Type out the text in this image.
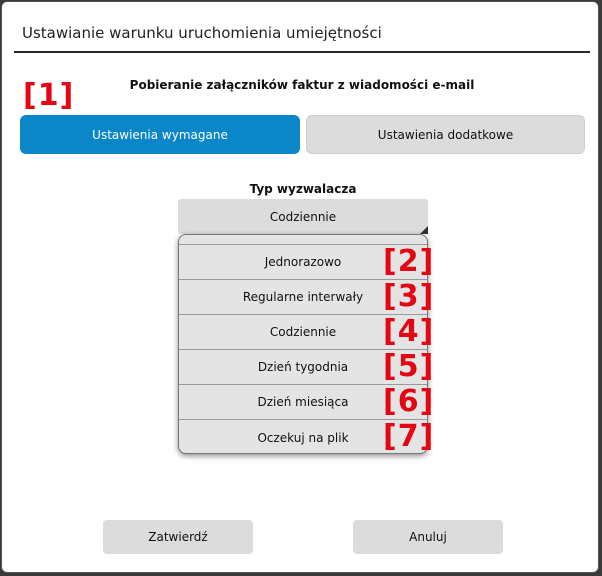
Ustawianie warunku uruchomienia umiejętności
Pobieranie załączników faktur z wiadomości e-mail
[1]
Ustawienia wymagane	Ustawienia dodatkowe
Typ wyzwalacza
Codziennie
Jednorazowo [2]
Regularne interwały [3]
Codziennie [4]
Dzień tygodnia [5]
Dzień miesiąca [6]
Oczekuj na plik [7]
Zatwierdź	Anuluj
